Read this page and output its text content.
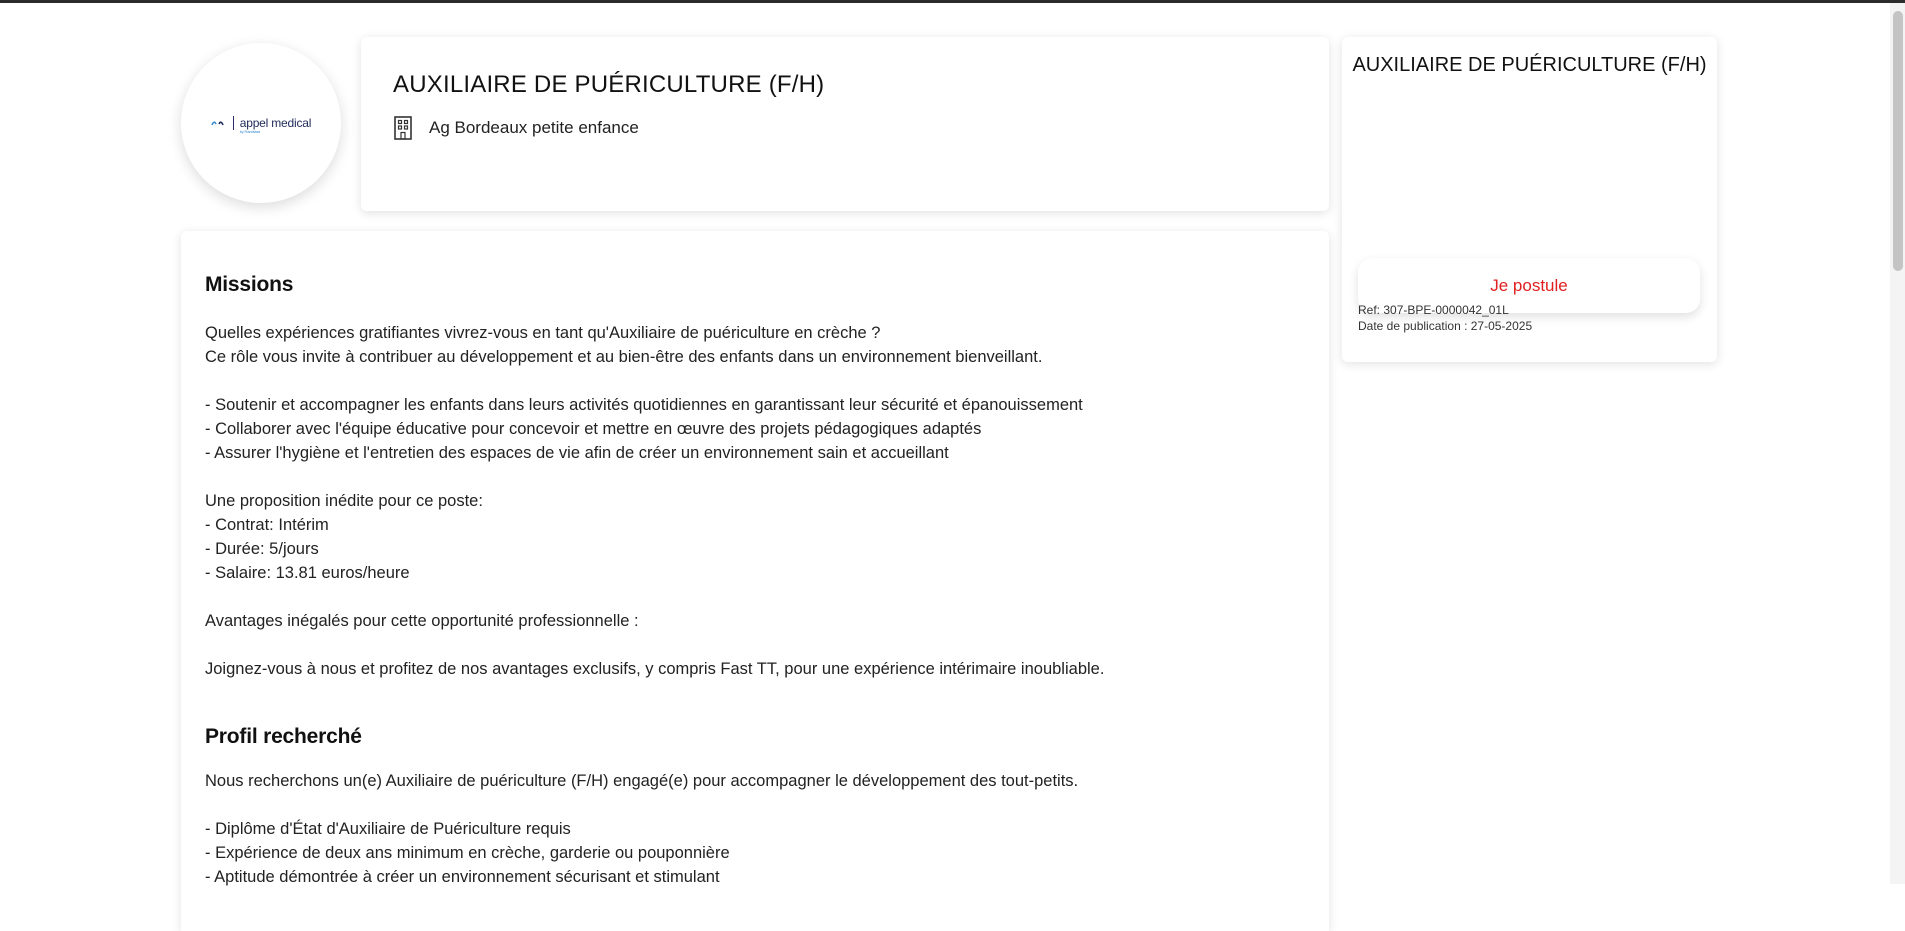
appel medical
by Randstad
AUXILIAIRE DE PUÉRICULTURE (F/H)
Ag Bordeaux petite enfance
AUXILIAIRE DE PUÉRICULTURE (F/H)
Je postule
Ref: 307-BPE-0000042_01L
Date de publication : 27-05-2025
Missions

Quelles expériences gratifiantes vivrez-vous en tant qu'Auxiliaire de puériculture en crèche ?

Ce rôle vous invite à contribuer au développement et au bien-être des enfants dans un environnement bienveillant.

- Soutenir et accompagner les enfants dans leurs activités quotidiennes en garantissant leur sécurité et épanouissement

- Collaborer avec l'équipe éducative pour concevoir et mettre en œuvre des projets pédagogiques adaptés

- Assurer l'hygiène et l'entretien des espaces de vie afin de créer un environnement sain et accueillant

Une proposition inédite pour ce poste:

- Contrat: Intérim

- Durée: 5/jours

- Salaire: 13.81 euros/heure

Avantages inégalés pour cette opportunité professionnelle :

Joignez-vous à nous et profitez de nos avantages exclusifs, y compris Fast TT, pour une expérience intérimaire inoubliable.

Profil recherché

Nous recherchons un(e) Auxiliaire de puériculture (F/H) engagé(e) pour accompagner le développement des tout-petits.

- Diplôme d'État d'Auxiliaire de Puériculture requis

- Expérience de deux ans minimum en crèche, garderie ou pouponnière

- Aptitude démontrée à créer un environnement sécurisant et stimulant
